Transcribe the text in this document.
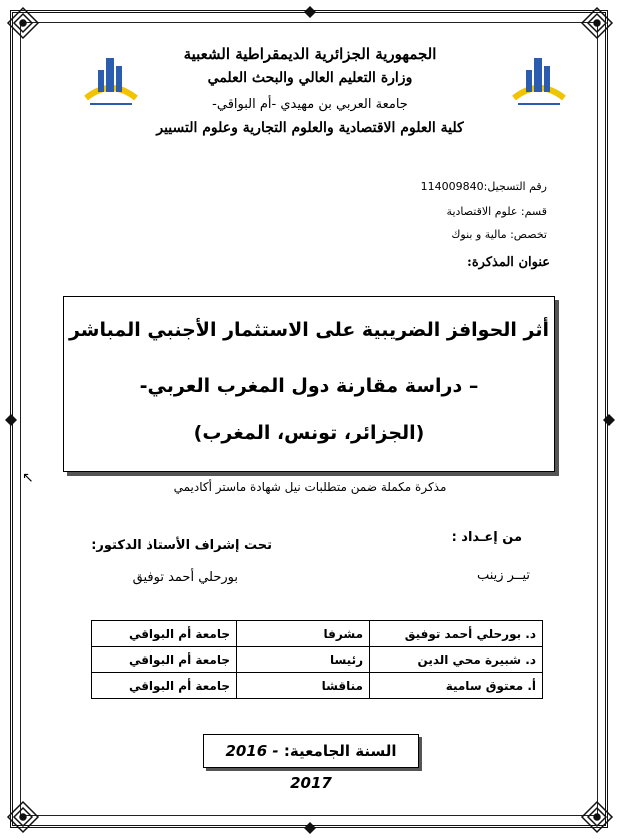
الجمهورية الجزائرية الديمقراطية الشعبية
وزارة التعليم العالي والبحث العلمي
جامعة العربي بن مهيدي -أم البواقي-
كلية العلوم الاقتصادية والعلوم التجارية وعلوم التسيير
رقم التسجيل:114009840
قسم: علوم الاقتصادية
تخصص: مالية و بنوك
عنوان المذكرة:
أثر الحوافز الضريبية على الاستثمار الأجنبي المباشر
– دراسة مقارنة دول المغرب العربي-
(الجزائر، تونس، المغرب)
↖
مذكرة مكملة ضمن متطلبات نيل شهادة ماستر أكاديمي
من إعـداد :
تحت إشراف الأستاذ الدكتور:
تيــر زينب
بورحلي أحمد توفيق
د. بورحلي أحمد توفيق	مشرفا	جامعة أم البواقي
د. شبيرة محي الدين	رئيسا	جامعة أم البواقي
أ. معتوق سامية	مناقشا	جامعة أم البواقي
السنة الجامعية: 2016 - 2017
